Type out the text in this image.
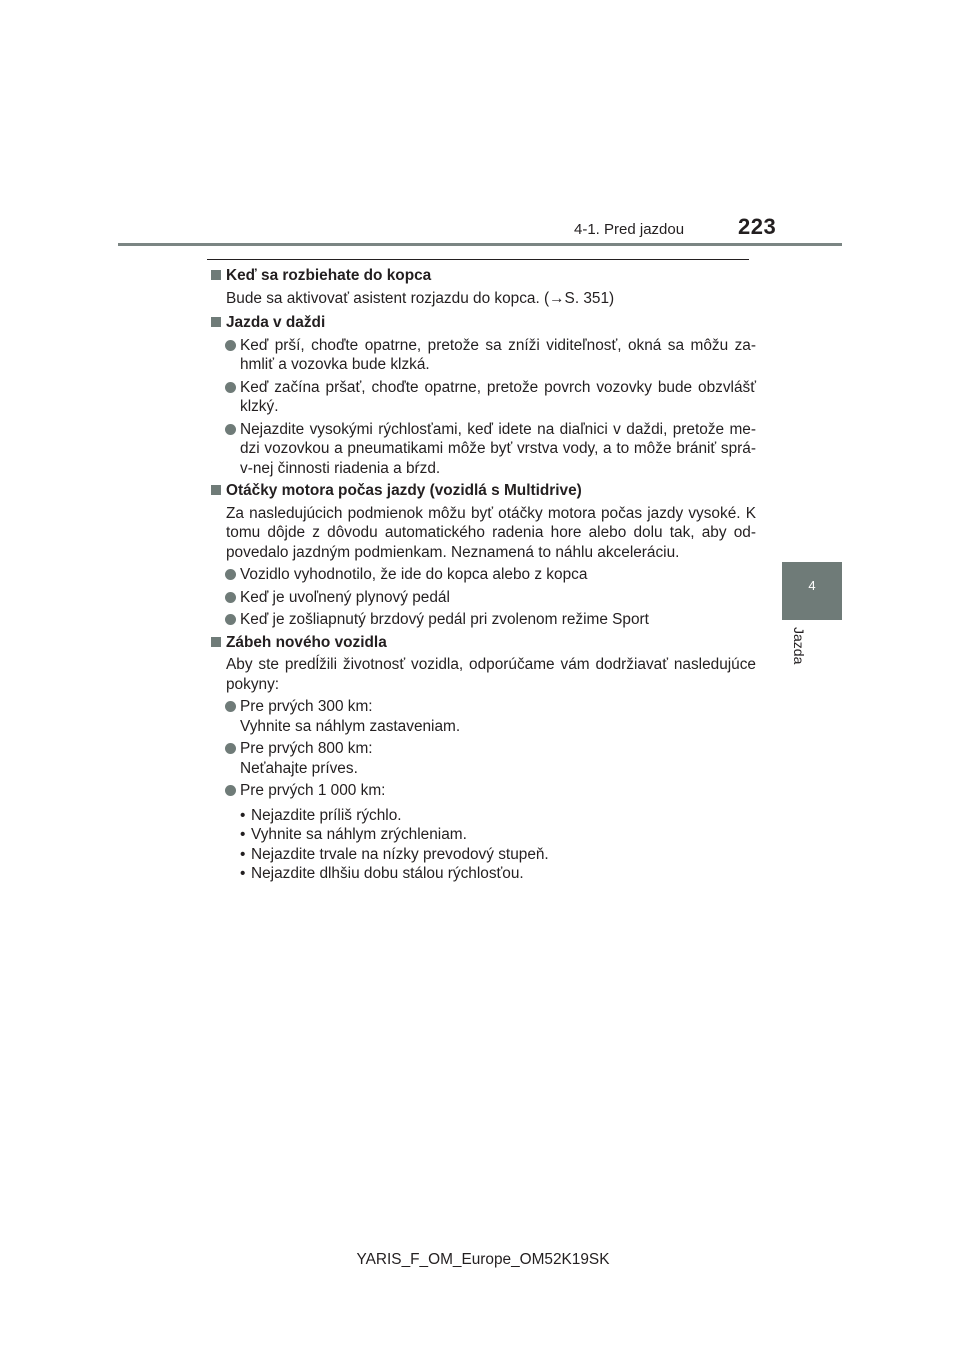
4-1. Pred jazdou 223
4
Jazda
Keď sa rozbiehate do kopca
Bude sa aktivovať asistent rozjazdu do kopca. (→S. 351)
Jazda v daždi
Keď prší, choďte opatrne, pretože sa zníži viditeľnosť, okná sa môžu za-hmliť a vozovka bude klzká.
Keď začína pršať, choďte opatrne, pretože povrch vozovky bude obzvlášť klzký.
Nejazdite vysokými rýchlosťami, keď idete na diaľnici v daždi, pretože me-dzi vozovkou a pneumatikami môže byť vrstva vody, a to môže brániť správ-nej činnosti riadenia a bŕzd.
Otáčky motora počas jazdy (vozidlá s Multidrive)
Za nasledujúcich podmienok môžu byť otáčky motora počas jazdy vysoké. K tomu dôjde z dôvodu automatického radenia hore alebo dolu tak, aby od-povedalo jazdným podmienkam. Neznamená to náhlu akceleráciu.
Vozidlo vyhodnotilo, že ide do kopca alebo z kopca
Keď je uvoľnený plynový pedál
Keď je zošliapnutý brzdový pedál pri zvolenom režime Sport
Zábeh nového vozidla
Aby ste predĺžili životnosť vozidla, odporúčame vám dodržiavať nasledujúce pokyny:
Pre prvých 300 km:
Vyhnite sa náhlym zastaveniam.
Pre prvých 800 km:
Neťahajte príves.
Pre prvých 1 000 km:
• Nejazdite príliš rýchlo.
• Vyhnite sa náhlym zrýchleniam.
• Nejazdite trvale na nízky prevodový stupeň.
• Nejazdite dlhšiu dobu stálou rýchlosťou.
YARIS_F_OM_Europe_OM52K19SK
